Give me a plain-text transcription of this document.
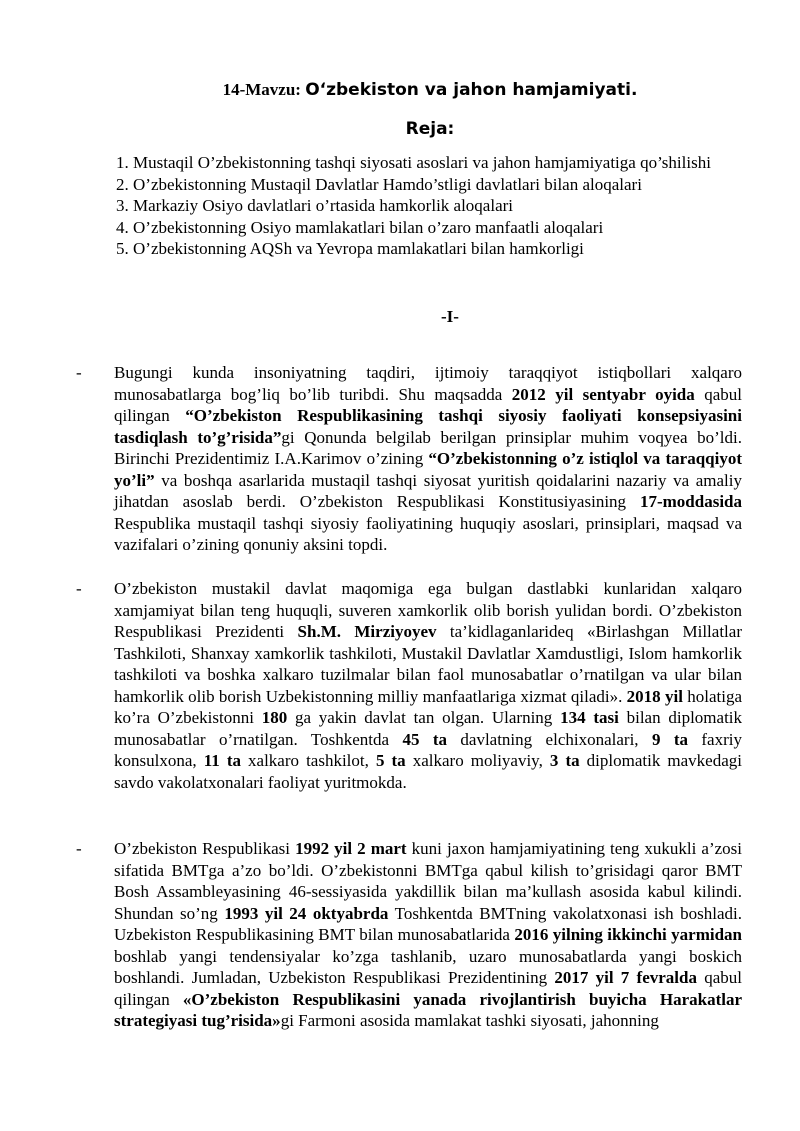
14-Mavzu: O‘zbekiston va jahon hamjamiyati.
Reja:
1. Mustaqil O’zbekistonning tashqi siyosati asoslari va jahon hamjamiyatiga qo’shilishi
2. O’zbekistonning Mustaqil Davlatlar Hamdo’stligi davlatlari bilan aloqalari
3. Markaziy Osiyo davlatlari o’rtasida hamkorlik aloqalari
4. O’zbekistonning Osiyo mamlakatlari bilan o’zaro manfaatli aloqalari
5. O’zbekistonning AQSh va Yevropa mamlakatlari bilan hamkorligi
-I-
- Bugungi kunda insoniyatning taqdiri, ijtimoiy taraqqiyot istiqbollari xalqaro munosabatlarga bog’liq bo’lib turibdi. Shu maqsadda 2012 yil sentyabr oyida qabul qilingan “O’zbekiston Respublikasining tashqi siyosiy faoliyati konsepsiyasini tasdiqlash to’g’risida”gi Qonunda belgilab berilgan prinsiplar muhim voqyea bo’ldi. Birinchi Prezidentimiz I.A.Karimov o’zining “O’zbekistonning o’z istiqlol va taraqqiyot yo’li” va boshqa asarlarida mustaqil tashqi siyosat yuritish qoidalarini nazariy va amaliy jihatdan asoslab berdi. O’zbekiston Respublikasi Konstitusiyasining 17-moddasida Respublika mustaqil tashqi siyosiy faoliyatining huquqiy asoslari, prinsiplari, maqsad va vazifalari o’zining qonuniy aksini topdi.

- O’zbekiston mustakil davlat maqomiga ega bulgan dastlabki kunlaridan xalqaro xamjamiyat bilan teng huquqli, suveren xamkorlik olib borish yulidan bordi. O’zbekiston Respublikasi Prezidenti Sh.M. Mirziyoyev ta’kidlaganlarideq «Birlashgan Millatlar Tashkiloti, Shanxay xamkorlik tashkiloti, Mustakil Davlatlar Xamdustligi, Islom hamkorlik tashkiloti va boshka xalkaro tuzilmalar bilan faol munosabatlar o’rnatilgan va ular bilan hamkorlik olib borish Uzbekistonning milliy manfaatlariga xizmat qiladi». 2018 yil holatiga ko’ra O’zbekistonni 180 ga yakin davlat tan olgan. Ularning 134 tasi bilan diplomatik munosabatlar o’rnatilgan. Toshkentda 45 ta davlatning elchixonalari, 9 ta faxriy konsulxona, 11 ta xalkaro tashkilot, 5 ta xalkaro moliyaviy, 3 ta diplomatik mavkedagi savdo vakolatxonalari faoliyat yuritmokda.

- O’zbekiston Respublikasi 1992 yil 2 mart kuni jaxon hamjamiyatining teng xukukli a’zosi sifatida BMTga a’zo bo’ldi. O’zbekistonni BMTga qabul kilish to’grisidagi qaror BMT Bosh Assambleyasining 46-sessiyasida yakdillik bilan ma’kullash asosida kabul kilindi. Shundan so’ng 1993 yil 24 oktyabrda Toshkentda BMTning vakolatxonasi ish boshladi. Uzbekiston Respublikasining BMT bilan munosabatlarida 2016 yilning ikkinchi yarmidan boshlab yangi tendensiyalar ko’zga tashlanib, uzaro munosabatlarda yangi boskich boshlandi. Jumladan, Uzbekiston Respublikasi Prezidentining 2017 yil 7 fevralda qabul qilingan «O’zbekiston Respublikasini yanada rivojlantirish buyicha Harakatlar strategiyasi tug’risida»gi Farmoni asosida mamlakat tashki siyosati, jahonning
